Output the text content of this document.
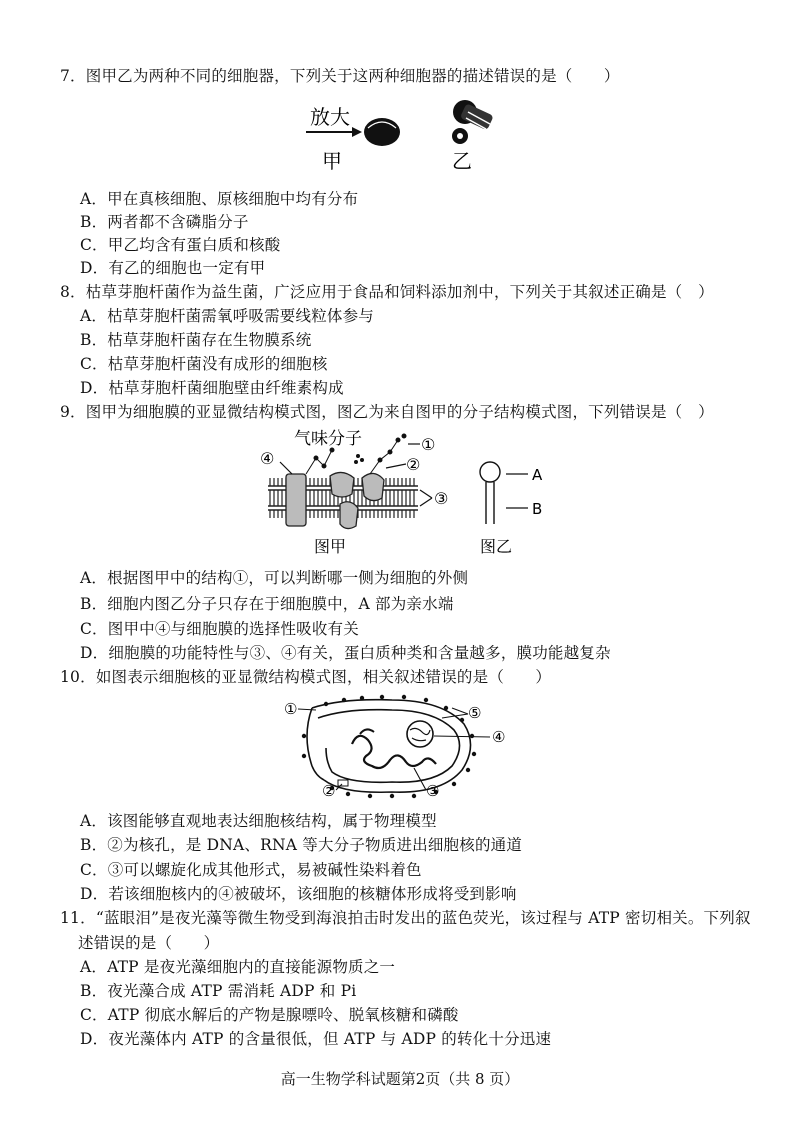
7．图甲乙为两种不同的细胞器，下列关于这两种细胞器的描述错误的是（　　）
放大
甲	乙
A．甲在真核细胞、原核细胞中均有分布
B．两者都不含磷脂分子
C．甲乙均含有蛋白质和核酸
D．有乙的细胞也一定有甲
8．枯草芽胞杆菌作为益生菌，广泛应用于食品和饲料添加剂中，下列关于其叙述正确是（　）
A．枯草芽胞杆菌需氧呼吸需要线粒体参与
B．枯草芽胞杆菌存在生物膜系统
C．枯草芽胞杆菌没有成形的细胞核
D．枯草芽胞杆菌细胞壁由纤维素构成
9．图甲为细胞膜的亚显微结构模式图，图乙为来自图甲的分子结构模式图，下列错误是（　）
气味分子	①
②
③
④
图甲
A
B
图乙
A．根据图甲中的结构①，可以判断哪一侧为细胞的外侧
B．细胞内图乙分子只存在于细胞膜中，A 部为亲水端
C．图甲中④与细胞膜的选择性吸收有关
D．细胞膜的功能特性与③、④有关，蛋白质种类和含量越多，膜功能越复杂
10．如图表示细胞核的亚显微结构模式图，相关叙述错误的是（　　）
①	⑤
④
②	③
A．该图能够直观地表达细胞核结构，属于物理模型
B．②为核孔，是 DNA、RNA 等大分子物质进出细胞核的通道
C．③可以螺旋化成其他形式，易被碱性染料着色
D．若该细胞核内的④被破坏，该细胞的核糖体形成将受到影响
11．“蓝眼泪”是夜光藻等微生物受到海浪拍击时发出的蓝色荧光，该过程与 ATP 密切相关。下列叙
述错误的是（　　）
A．ATP 是夜光藻细胞内的直接能源物质之一
B．夜光藻合成 ATP 需消耗 ADP 和 Pi
C．ATP 彻底水解后的产物是腺嘌呤、脱氧核糖和磷酸
D．夜光藻体内 ATP 的含量很低，但 ATP 与 ADP 的转化十分迅速
高一生物学科试题第2页（共 8 页）
